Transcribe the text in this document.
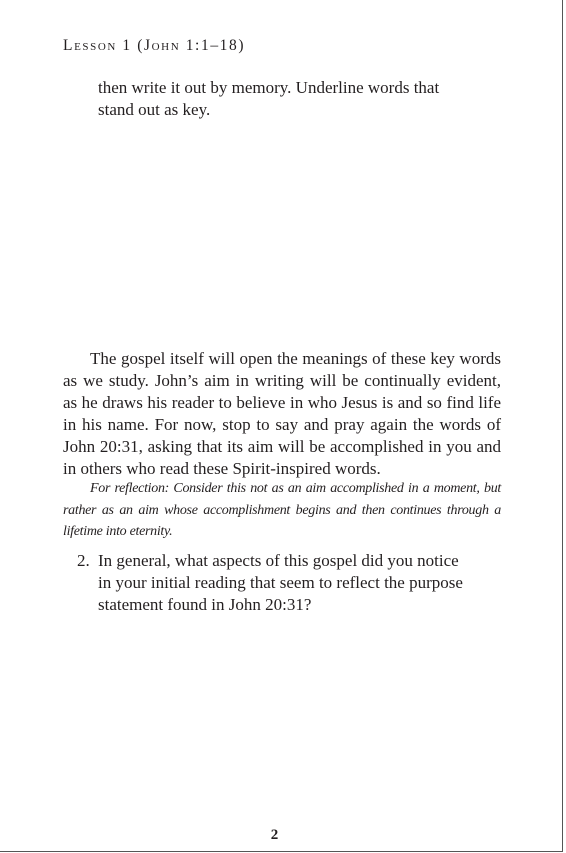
Lesson 1 (John 1:1–18)
then write it out by memory. Underline words that
stand out as key.
The gospel itself will open the meanings of these key words as we study. John’s aim in writing will be continually evident, as he draws his reader to believe in who Jesus is and so find life in his name. For now, stop to say and pray again the words of John 20:31, asking that its aim will be accomplished in you and in others who read these Spirit-inspired words.
For reflection: Consider this not as an aim accomplished in a moment, but rather as an aim whose accomplishment begins and then continues through a lifetime into eternity.
2. In general, what aspects of this gospel did you notice
in your initial reading that seem to reflect the purpose
statement found in John 20:31?
2
